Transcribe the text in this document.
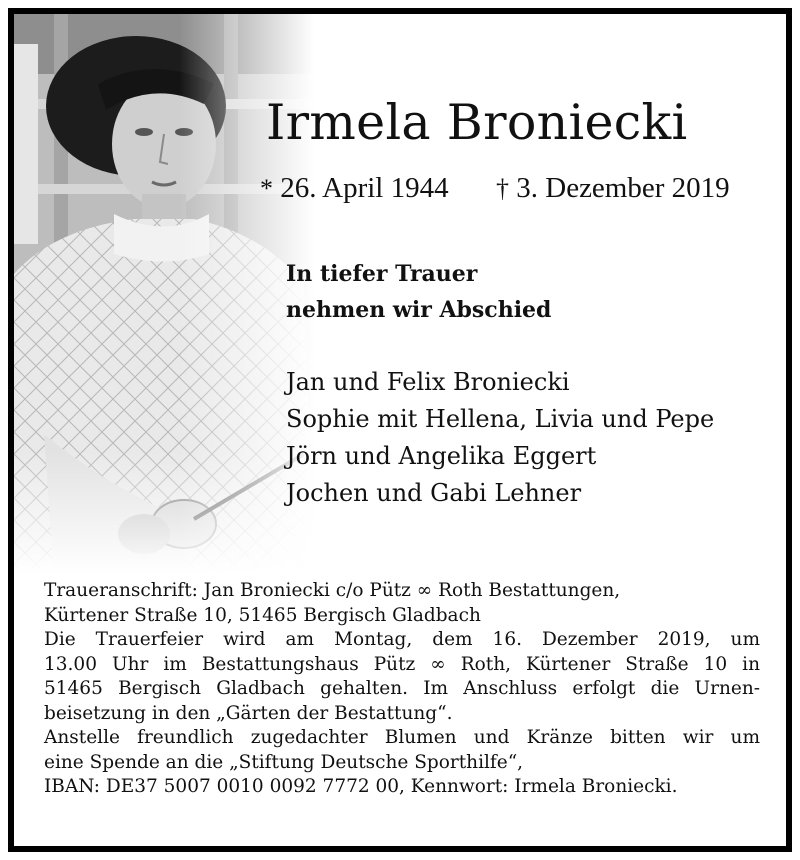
Irmela Broniecki
* 26. April 1944 † 3. Dezember 2019
In tiefer Trauer
nehmen wir Abschied
Jan und Felix Broniecki
Sophie mit Hellena, Livia und Pepe
Jörn und Angelika Eggert
Jochen und Gabi Lehner
Traueranschrift: Jan Broniecki c/o Pütz ∞ Roth Bestattungen,
Kürtener Straße 10, 51465 Bergisch Gladbach
Die Trauerfeier wird am Montag, dem 16. Dezember 2019, um
13.00 Uhr im Bestattungshaus Pütz ∞ Roth, Kürtener Straße 10 in
51465 Bergisch Gladbach gehalten. Im Anschluss erfolgt die Urnen-
beisetzung in den „Gärten der Bestattung“.
Anstelle freundlich zugedachter Blumen und Kränze bitten wir um
eine Spende an die „Stiftung Deutsche Sporthilfe“,
IBAN: DE37 5007 0010 0092 7772 00, Kennwort: Irmela Broniecki.
